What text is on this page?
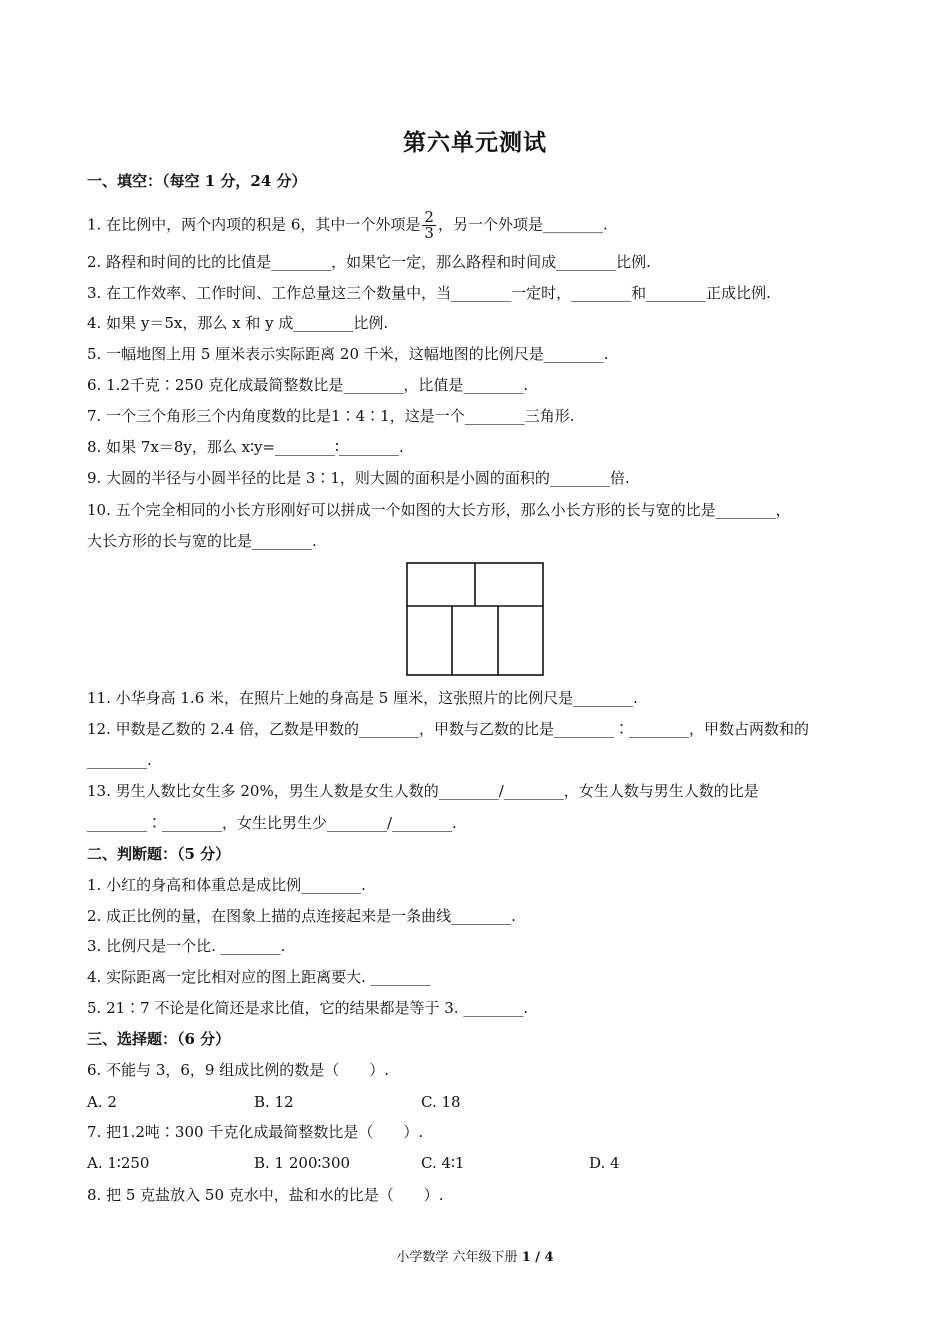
第六单元测试
一、填空：（每空 1 分，24 分）
1. 在比例中，两个内项的积是 6，其中一个外项是 $\frac{2}{3}$ ，另一个外项是________.
2. 路程和时间的比的比值是________，如果它一定，那么路程和时间成________比例.
3. 在工作效率、工作时间、工作总量这三个数量中，当________一定时，________和________正成比例.
4. 如果 y＝5x，那么 x 和 y 成________比例.
5. 一幅地图上用 5 厘米表示实际距离 20 千米，这幅地图的比例尺是________.
6. 1.2千克∶250 克化成最简整数比是________，比值是________.
7. 一个三个角形三个内角度数的比是1∶4∶1，这是一个________三角形.
8. 如果 7x＝8y，那么 x∶y=________∶________.
9. 大圆的半径与小圆半径的比是 3∶1，则大圆的面积是小圆的面积的________倍.
10. 五个完全相同的小长方形刚好可以拼成一个如图的大长方形，那么小长方形的长与宽的比是________，
大长方形的长与宽的比是________.
11. 小华身高 1.6 米，在照片上她的身高是 5 厘米，这张照片的比例尺是________.
12. 甲数是乙数的 2.4 倍，乙数是甲数的________，甲数与乙数的比是________∶________，甲数占两数和的
________.
13. 男生人数比女生多 20%，男生人数是女生人数的________/________，女生人数与男生人数的比是
________∶________，女生比男生少________/________.
二、判断题：（5 分）
1. 小红的身高和体重总是成比例________.
2. 成正比例的量，在图象上描的点连接起来是一条曲线________.
3. 比例尺是一个比. ________.
4. 实际距离一定比相对应的图上距离要大. ________
5. 21∶7 不论是化简还是求比值，它的结果都是等于 3. ________.
三、选择题：（6 分）
6. 不能与 3，6，9 组成比例的数是（　　）.
A. 2	B. 12	C. 18
7. 把1.2吨∶300 千克化成最简整数比是（　　）.
A. 1∶250	B. 1 200∶300	C. 4∶1	D. 4
8. 把 5 克盐放入 50 克水中，盐和水的比是（　　）.
小学数学 六年级下册 1 / 4
